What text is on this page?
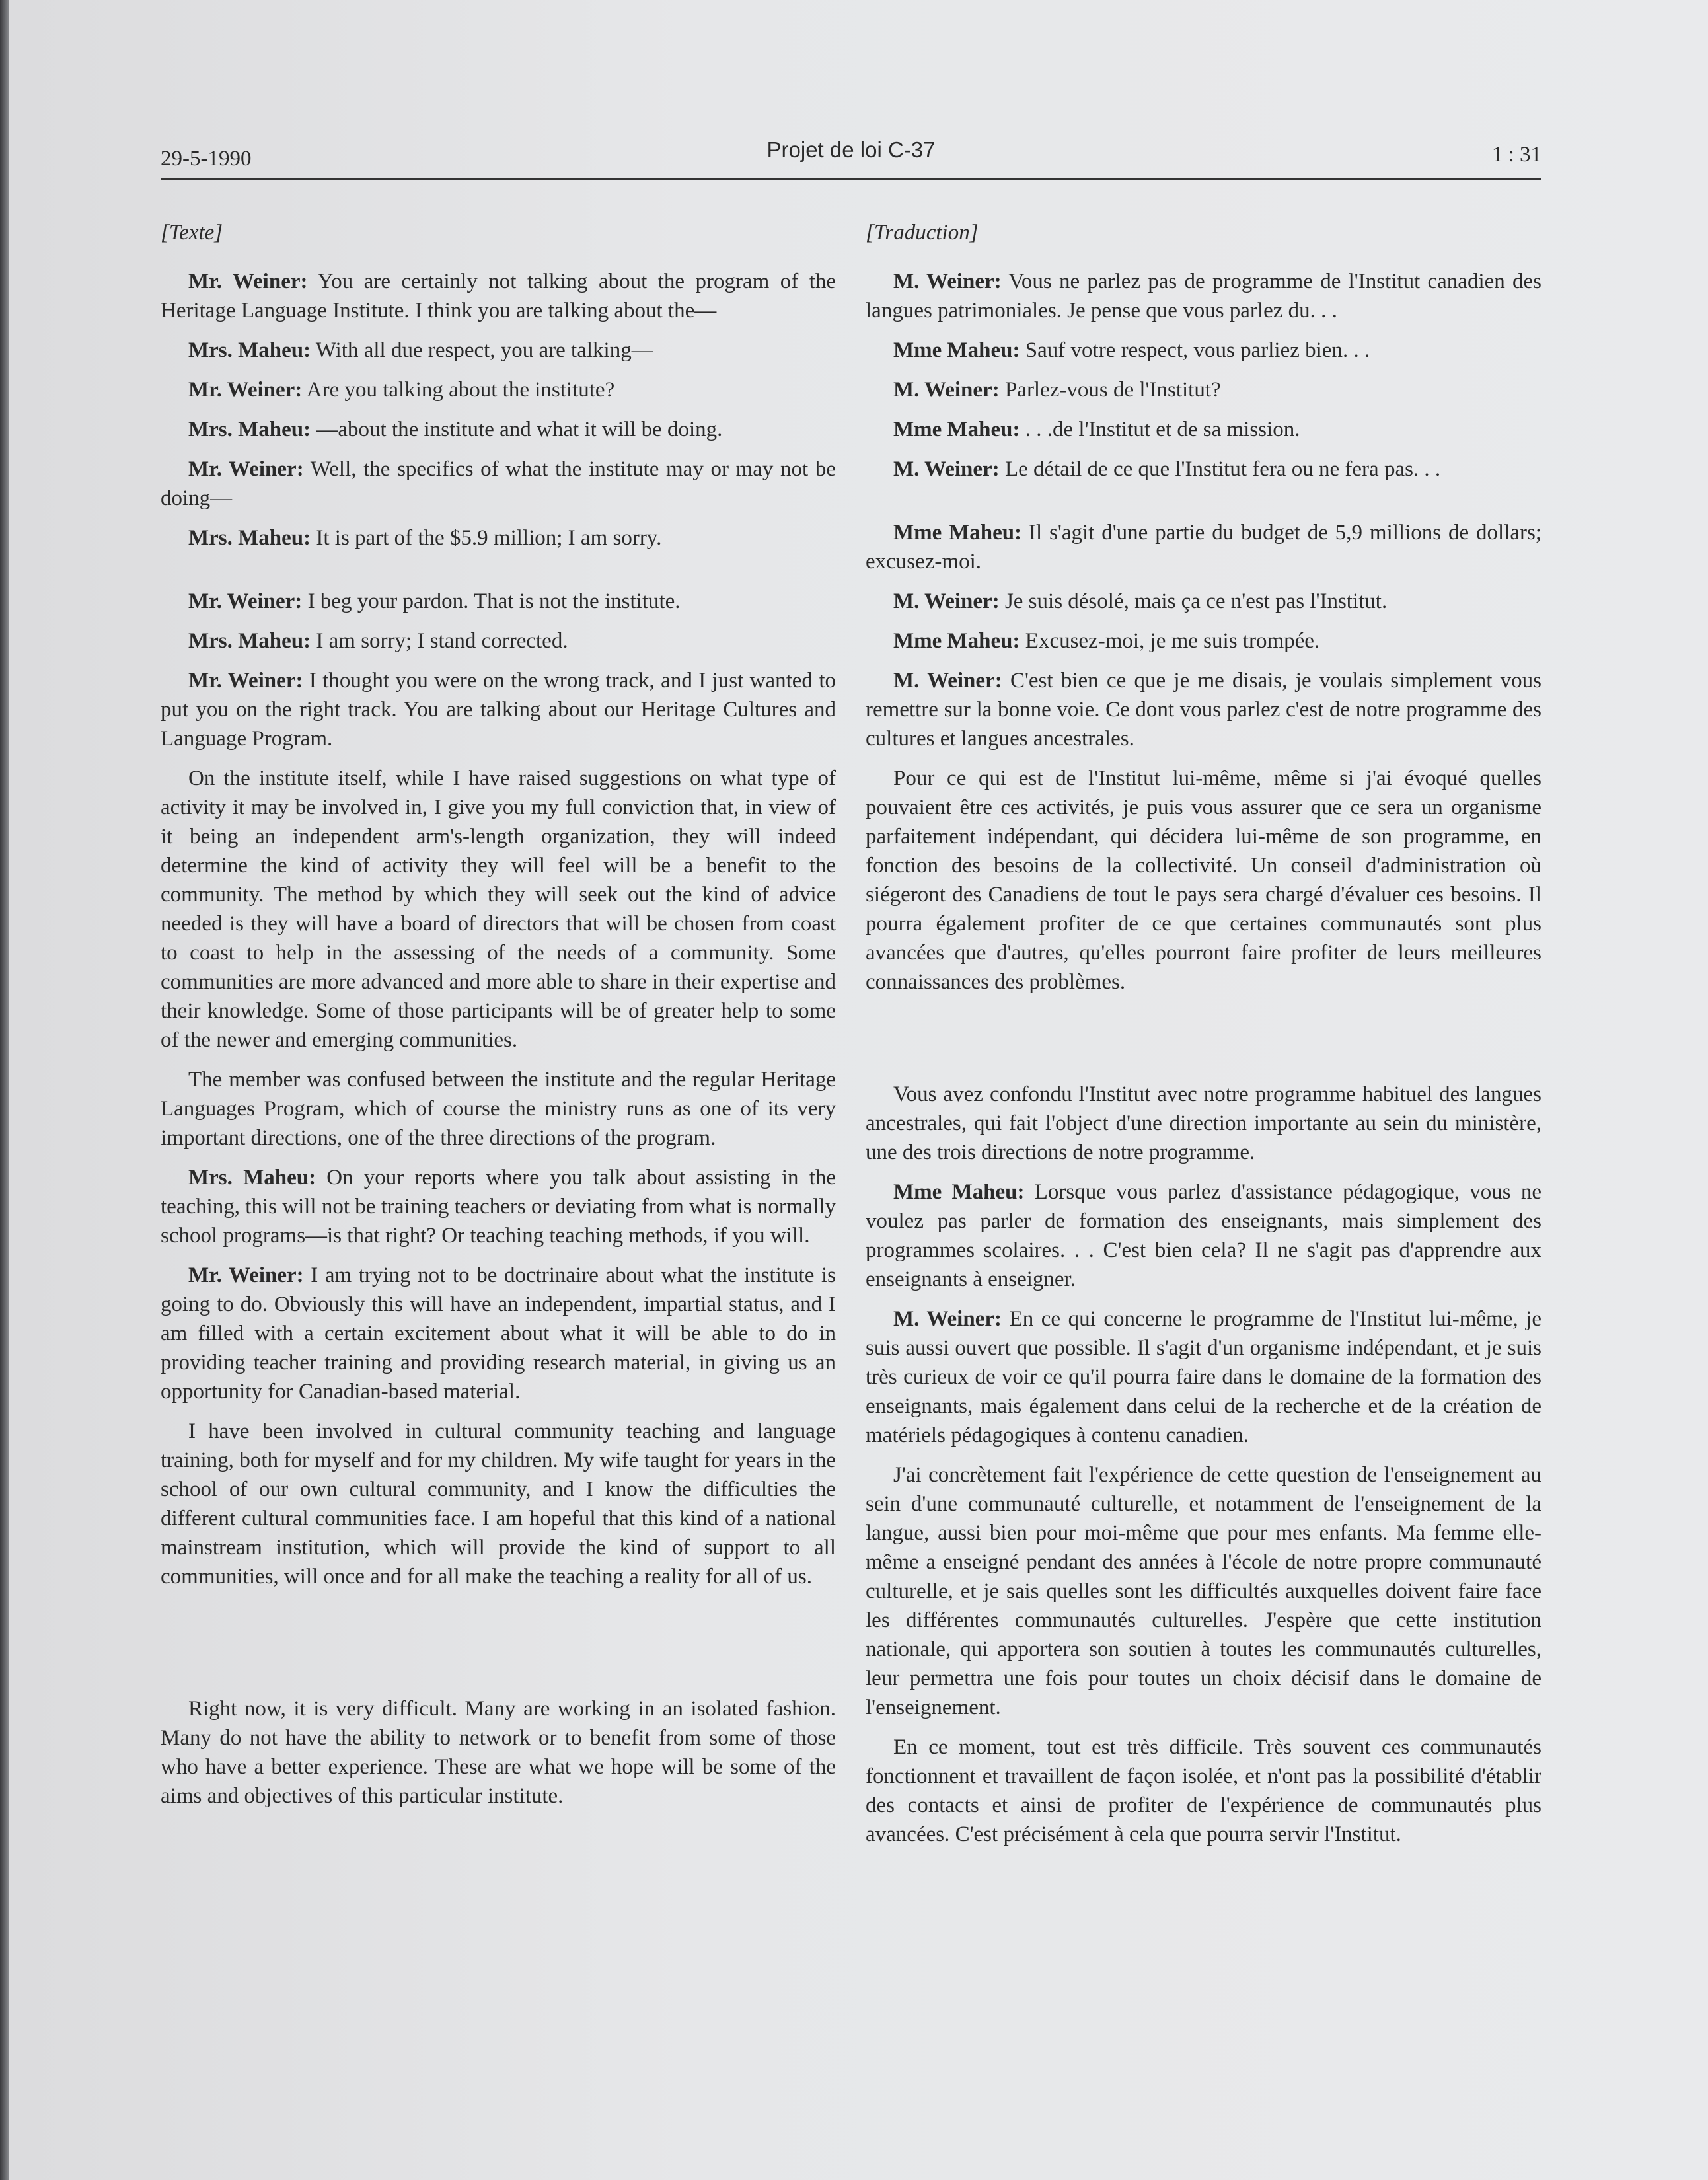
29-5-1990	Projet de loi C-37	1 : 31
[Texte]

Mr. Weiner: You are certainly not talking about the program of the Heritage Language Institute. I think you are talking about the—

Mrs. Maheu: With all due respect, you are talking—

Mr. Weiner: Are you talking about the institute?

Mrs. Maheu: —about the institute and what it will be doing.

Mr. Weiner: Well, the specifics of what the institute may or may not be doing—

Mrs. Maheu: It is part of the $5.9 million; I am sorry.

Mr. Weiner: I beg your pardon. That is not the institute.

Mrs. Maheu: I am sorry; I stand corrected.

Mr. Weiner: I thought you were on the wrong track, and I just wanted to put you on the right track. You are talking about our Heritage Cultures and Language Program.

On the institute itself, while I have raised suggestions on what type of activity it may be involved in, I give you my full conviction that, in view of it being an independent arm's-length organization, they will indeed determine the kind of activity they will feel will be a benefit to the community. The method by which they will seek out the kind of advice needed is they will have a board of directors that will be chosen from coast to coast to help in the assessing of the needs of a community. Some communities are more advanced and more able to share in their expertise and their knowledge. Some of those participants will be of greater help to some of the newer and emerging communities.

The member was confused between the institute and the regular Heritage Languages Program, which of course the ministry runs as one of its very important directions, one of the three directions of the program.

Mrs. Maheu: On your reports where you talk about assisting in the teaching, this will not be training teachers or deviating from what is normally school programs—is that right? Or teaching teaching methods, if you will.

Mr. Weiner: I am trying not to be doctrinaire about what the institute is going to do. Obviously this will have an independent, impartial status, and I am filled with a certain excitement about what it will be able to do in providing teacher training and providing research material, in giving us an opportunity for Canadian-based material.

I have been involved in cultural community teaching and language training, both for myself and for my children. My wife taught for years in the school of our own cultural community, and I know the difficulties the different cultural communities face. I am hopeful that this kind of a national mainstream institution, which will provide the kind of support to all communities, will once and for all make the teaching a reality for all of us.

Right now, it is very difficult. Many are working in an isolated fashion. Many do not have the ability to network or to benefit from some of those who have a better experience. These are what we hope will be some of the aims and objectives of this particular institute.

[Traduction]

M. Weiner: Vous ne parlez pas de programme de l'Institut canadien des langues patrimoniales. Je pense que vous parlez du. . .

Mme Maheu: Sauf votre respect, vous parliez bien. . .

M. Weiner: Parlez-vous de l'Institut?

Mme Maheu: . . .de l'Institut et de sa mission.

M. Weiner: Le détail de ce que l'Institut fera ou ne fera pas. . .

Mme Maheu: Il s'agit d'une partie du budget de 5,9 millions de dollars; excusez-moi.

M. Weiner: Je suis désolé, mais ça ce n'est pas l'Institut.

Mme Maheu: Excusez-moi, je me suis trompée.

M. Weiner: C'est bien ce que je me disais, je voulais simplement vous remettre sur la bonne voie. Ce dont vous parlez c'est de notre programme des cultures et langues ancestrales.

Pour ce qui est de l'Institut lui-même, même si j'ai évoqué quelles pouvaient être ces activités, je puis vous assurer que ce sera un organisme parfaitement indépendant, qui décidera lui-même de son programme, en fonction des besoins de la collectivité. Un conseil d'administration où siégeront des Canadiens de tout le pays sera chargé d'évaluer ces besoins. Il pourra également profiter de ce que certaines communautés sont plus avancées que d'autres, qu'elles pourront faire profiter de leurs meilleures connaissances des problèmes.

Vous avez confondu l'Institut avec notre programme habituel des langues ancestrales, qui fait l'object d'une direction importante au sein du ministère, une des trois directions de notre programme.

Mme Maheu: Lorsque vous parlez d'assistance pédagogique, vous ne voulez pas parler de formation des enseignants, mais simplement des programmes scolaires. . . C'est bien cela? Il ne s'agit pas d'apprendre aux enseignants à enseigner.

M. Weiner: En ce qui concerne le programme de l'Institut lui-même, je suis aussi ouvert que possible. Il s'agit d'un organisme indépendant, et je suis très curieux de voir ce qu'il pourra faire dans le domaine de la formation des enseignants, mais également dans celui de la recherche et de la création de matériels pédagogiques à contenu canadien.

J'ai concrètement fait l'expérience de cette question de l'enseignement au sein d'une communauté culturelle, et notamment de l'enseignement de la langue, aussi bien pour moi-même que pour mes enfants. Ma femme elle-même a enseigné pendant des années à l'école de notre propre communauté culturelle, et je sais quelles sont les difficultés auxquelles doivent faire face les différentes communautés culturelles. J'espère que cette institution nationale, qui apportera son soutien à toutes les communautés culturelles, leur permettra une fois pour toutes un choix décisif dans le domaine de l'enseignement.

En ce moment, tout est très difficile. Très souvent ces communautés fonctionnent et travaillent de façon isolée, et n'ont pas la possibilité d'établir des contacts et ainsi de profiter de l'expérience de communautés plus avancées. C'est précisément à cela que pourra servir l'Institut.
